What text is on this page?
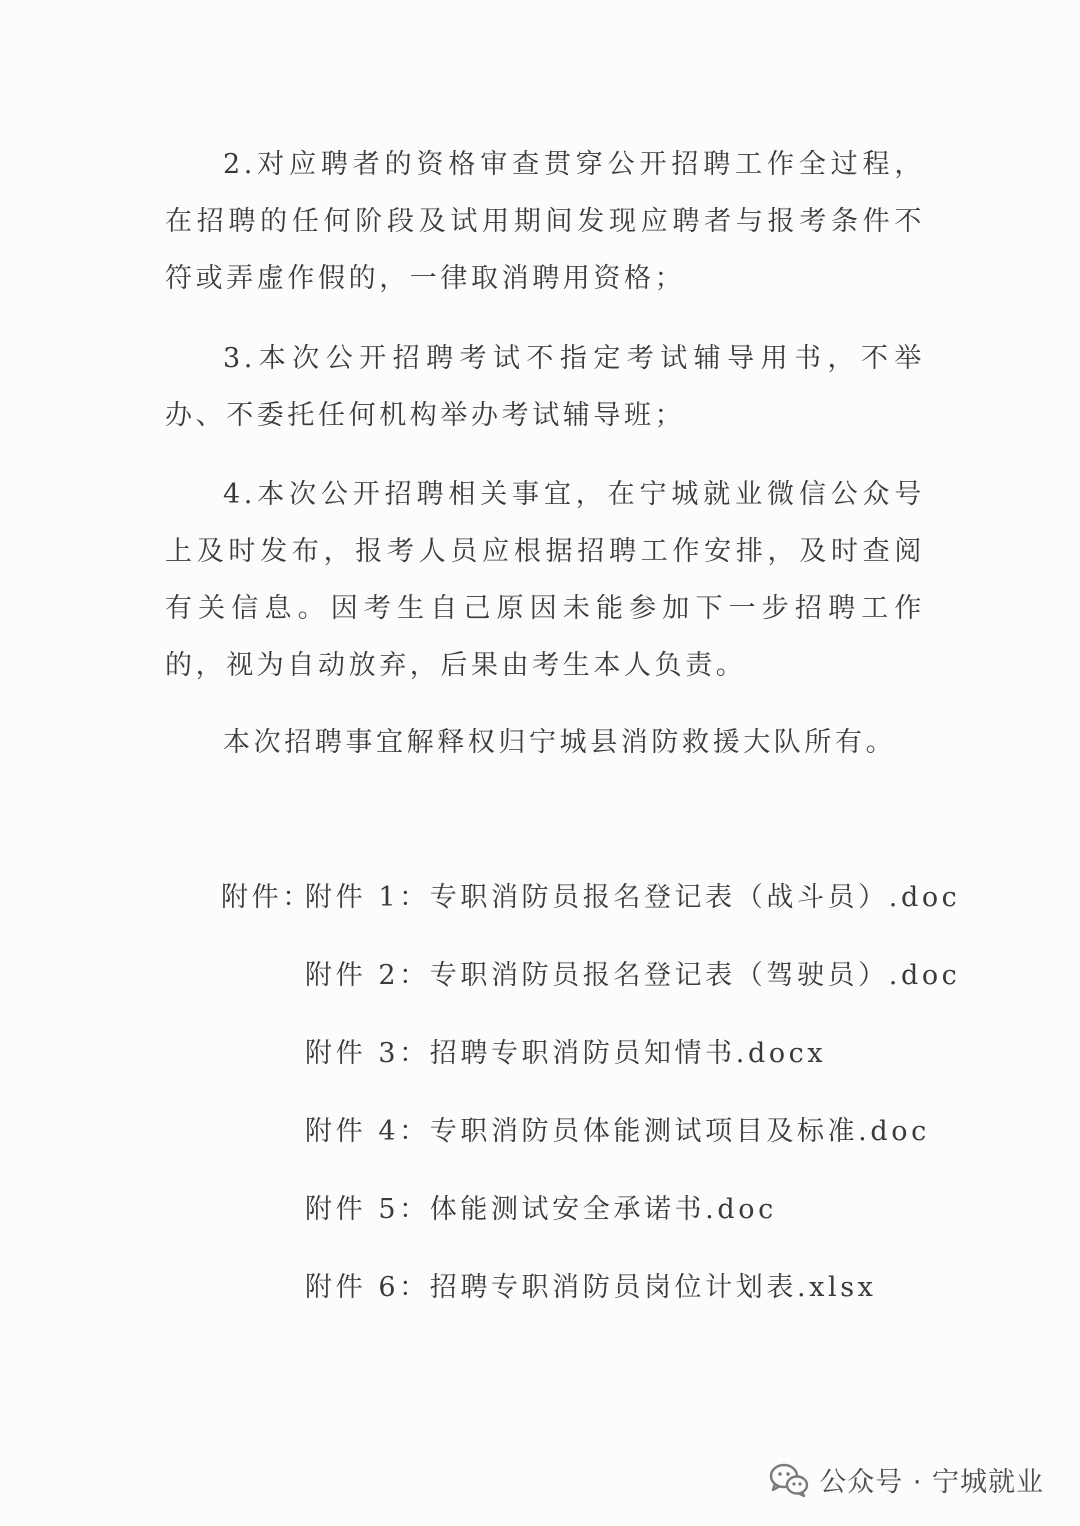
2.对应聘者的资格审查贯穿公开招聘工作全过程，在招聘的任何阶段及试用期间发现应聘者与报考条件不符或弄虚作假的，一律取消聘用资格；

3.本次公开招聘考试不指定考试辅导用书，不举办、不委托任何机构举办考试辅导班；

4.本次公开招聘相关事宜，在宁城就业微信公众号上及时发布，报考人员应根据招聘工作安排，及时查阅有关信息。因考生自己原因未能参加下一步招聘工作的，视为自动放弃，后果由考生本人负责。

本次招聘事宜解释权归宁城县消防救援大队所有。

附件：
附件 1：专职消防员报名登记表（战斗员）.doc
附件 2：专职消防员报名登记表（驾驶员）.doc
附件 3：招聘专职消防员知情书.docx
附件 4：专职消防员体能测试项目及标准.doc
附件 5：体能测试安全承诺书.doc
附件 6：招聘专职消防员岗位计划表.xlsx
公众号 · 宁城就业
